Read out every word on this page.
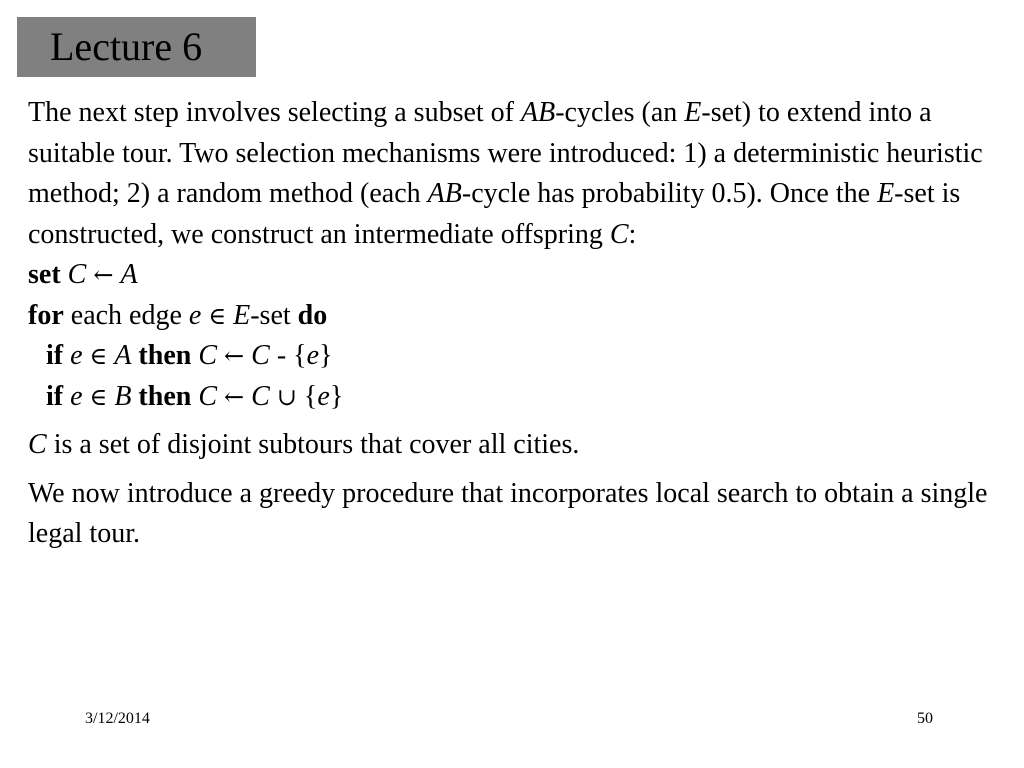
Lecture 6

The next step involves selecting a subset of AB-cycles (an E-set) to extend into a suitable tour. Two selection mechanisms were introduced: 1) a deterministic heuristic method; 2) a random method (each AB-cycle has probability 0.5). Once the E-set is constructed, we construct an intermediate offspring C:

set C ← A

for each edge e ∈ E-set do

if e ∈ A then C ← C - {e}

if e ∈ B then C ← C ∪ {e}

C is a set of disjoint subtours that cover all cities.

We now introduce a greedy procedure that incorporates local search to obtain a single legal tour.

3/12/2014	50
